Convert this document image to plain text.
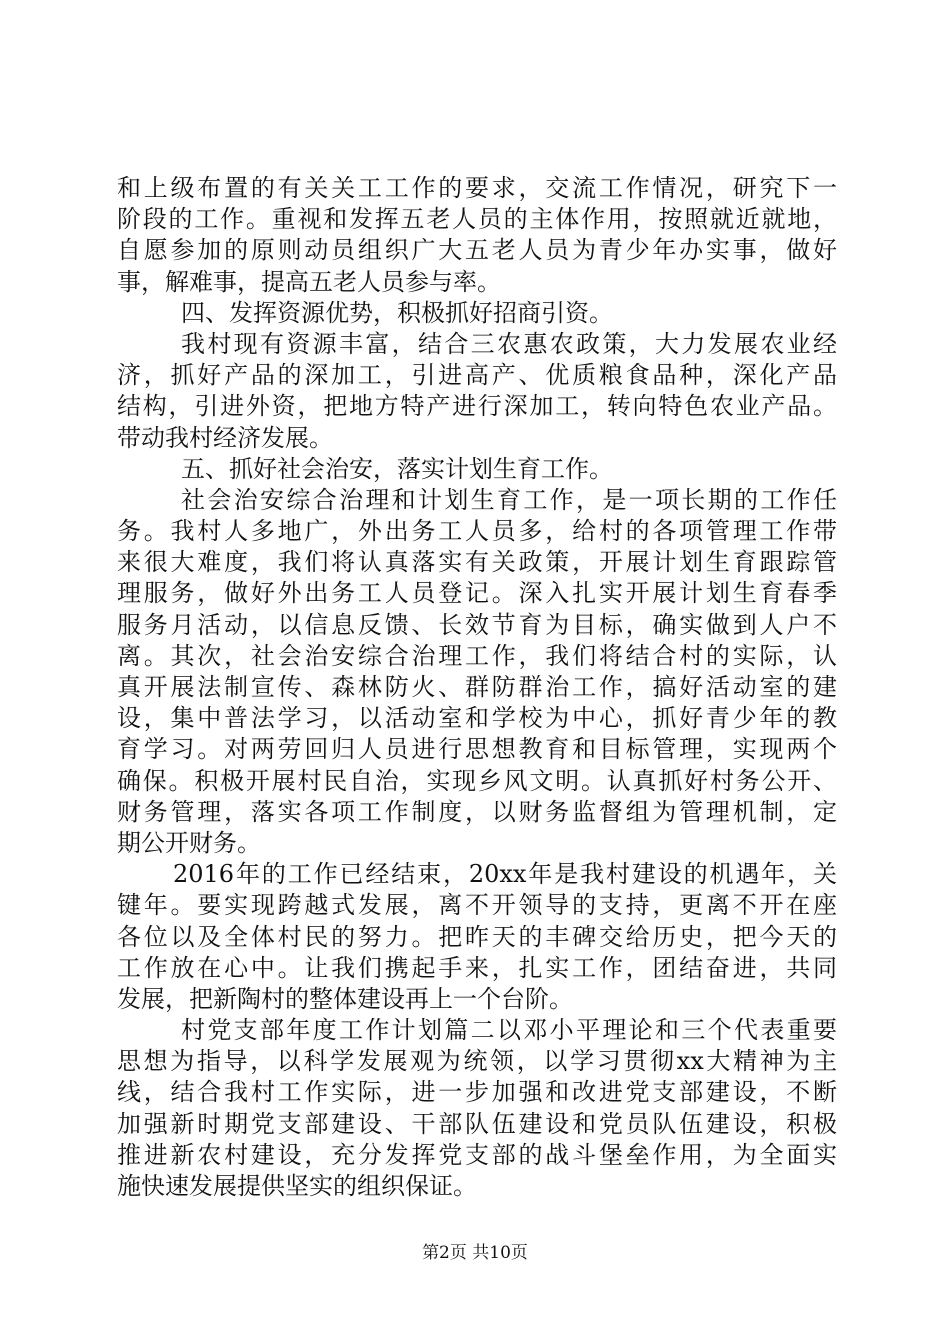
和上级布置的有关关工工作的要求，交流工作情况，研究下一
阶段的工作。重视和发挥五老人员的主体作用，按照就近就地，
自愿参加的原则动员组织广大五老人员为青少年办实事，做好
事，解难事，提高五老人员参与率。
四、发挥资源优势，积极抓好招商引资。
我村现有资源丰富，结合三农惠农政策，大力发展农业经
济，抓好产品的深加工，引进高产、优质粮食品种，深化产品
结构，引进外资，把地方特产进行深加工，转向特色农业产品。
带动我村经济发展。
五、抓好社会治安，落实计划生育工作。
社会治安综合治理和计划生育工作，是一项长期的工作任
务。我村人多地广，外出务工人员多，给村的各项管理工作带
来很大难度，我们将认真落实有关政策，开展计划生育跟踪管
理服务，做好外出务工人员登记。深入扎实开展计划生育春季
服务月活动，以信息反馈、长效节育为目标，确实做到人户不
离。其次，社会治安综合治理工作，我们将结合村的实际，认
真开展法制宣传、森林防火、群防群治工作，搞好活动室的建
设，集中普法学习，以活动室和学校为中心，抓好青少年的教
育学习。对两劳回归人员进行思想教育和目标管理，实现两个
确保。积极开展村民自治，实现乡风文明。认真抓好村务公开、
财务管理，落实各项工作制度，以财务监督组为管理机制，定
期公开财务。
2016年的工作已经结束，20xx年是我村建设的机遇年，关
键年。要实现跨越式发展，离不开领导的支持，更离不开在座
各位以及全体村民的努力。把昨天的丰碑交给历史，把今天的
工作放在心中。让我们携起手来，扎实工作，团结奋进，共同
发展，把新陶村的整体建设再上一个台阶。
村党支部年度工作计划篇二以邓小平理论和三个代表重要
思想为指导，以科学发展观为统领，以学习贯彻xx大精神为主
线，结合我村工作实际，进一步加强和改进党支部建设，不断
加强新时期党支部建设、干部队伍建设和党员队伍建设，积极
推进新农村建设，充分发挥党支部的战斗堡垒作用，为全面实
施快速发展提供坚实的组织保证。
第2页 共10页
